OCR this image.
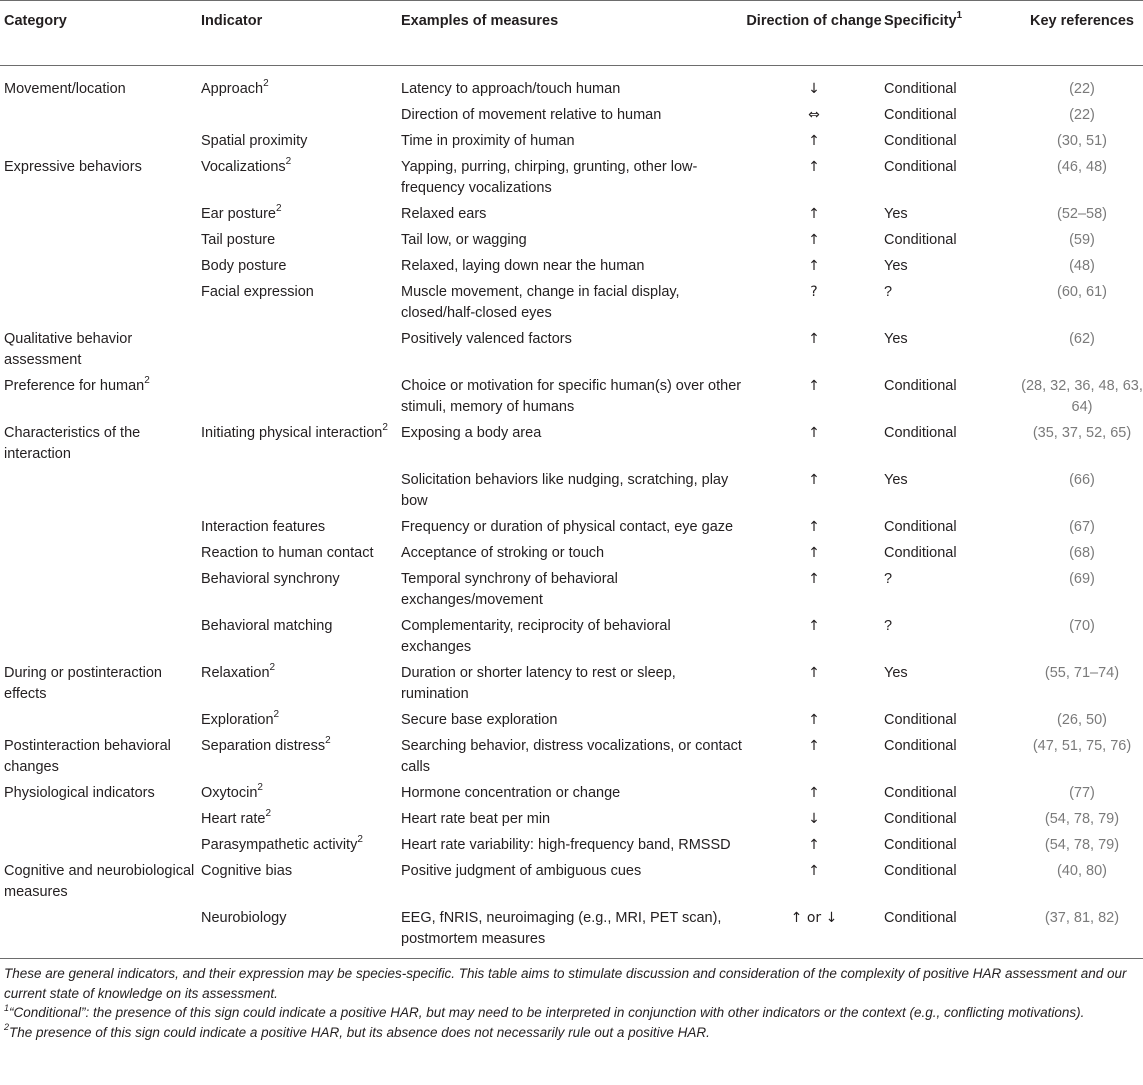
Category	Indicator	Examples of measures	Direction of change	Specificity$^1$	Key references
Movement/location	Approach$^2$	Latency to approach/touch human	↓	Conditional	(22)
		Direction of movement relative to human	⇔	Conditional	(22)
	Spatial proximity	Time in proximity of human	↑	Conditional	(30, 51)
Expressive behaviors	Vocalizations$^2$	Yapping, purring, chirping, grunting, other low-frequency vocalizations	↑	Conditional	(46, 48)
	Ear posture$^2$	Relaxed ears	↑	Yes	(52–58)
	Tail posture	Tail low, or wagging	↑	Conditional	(59)
	Body posture	Relaxed, laying down near the human	↑	Yes	(48)
	Facial expression	Muscle movement, change in facial display, closed/half-closed eyes	?	?	(60, 61)
Qualitative behavior assessment		Positively valenced factors	↑	Yes	(62)
Preference for human$^2$		Choice or motivation for specific human(s) over other stimuli, memory of humans	↑	Conditional	(28, 32, 36, 48, 63, 64)
Characteristics of the interaction	Initiating physical interaction$^2$	Exposing a body area	↑	Conditional	(35, 37, 52, 65)
		Solicitation behaviors like nudging, scratching, play bow	↑	Yes	(66)
	Interaction features	Frequency or duration of physical contact, eye gaze	↑	Conditional	(67)
	Reaction to human contact	Acceptance of stroking or touch	↑	Conditional	(68)
	Behavioral synchrony	Temporal synchrony of behavioral exchanges/movement	↑	?	(69)
	Behavioral matching	Complementarity, reciprocity of behavioral exchanges	↑	?	(70)
During or postinteraction effects	Relaxation$^2$	Duration or shorter latency to rest or sleep, rumination	↑	Yes	(55, 71–74)
	Exploration$^2$	Secure base exploration	↑	Conditional	(26, 50)
Postinteraction behavioral changes	Separation distress$^2$	Searching behavior, distress vocalizations, or contact calls	↑	Conditional	(47, 51, 75, 76)
Physiological indicators	Oxytocin$^2$	Hormone concentration or change	↑	Conditional	(77)
	Heart rate$^2$	Heart rate beat per min	↓	Conditional	(54, 78, 79)
	Parasympathetic activity$^2$	Heart rate variability: high-frequency band, RMSSD	↑	Conditional	(54, 78, 79)
Cognitive and neurobiological measures	Cognitive bias	Positive judgment of ambiguous cues	↑	Conditional	(40, 80)
	Neurobiology	EEG, fNRIS, neuroimaging (e.g., MRI, PET scan), postmortem measures	↑ or ↓	Conditional	(37, 81, 82)

These are general indicators, and their expression may be species-specific. This table aims to stimulate discussion and consideration of the complexity of positive HAR assessment and our current state of knowledge on its assessment.

$^1$“Conditional”: the presence of this sign could indicate a positive HAR, but may need to be interpreted in conjunction with other indicators or the context (e.g., conflicting motivations).

$^2$The presence of this sign could indicate a positive HAR, but its absence does not necessarily rule out a positive HAR.
